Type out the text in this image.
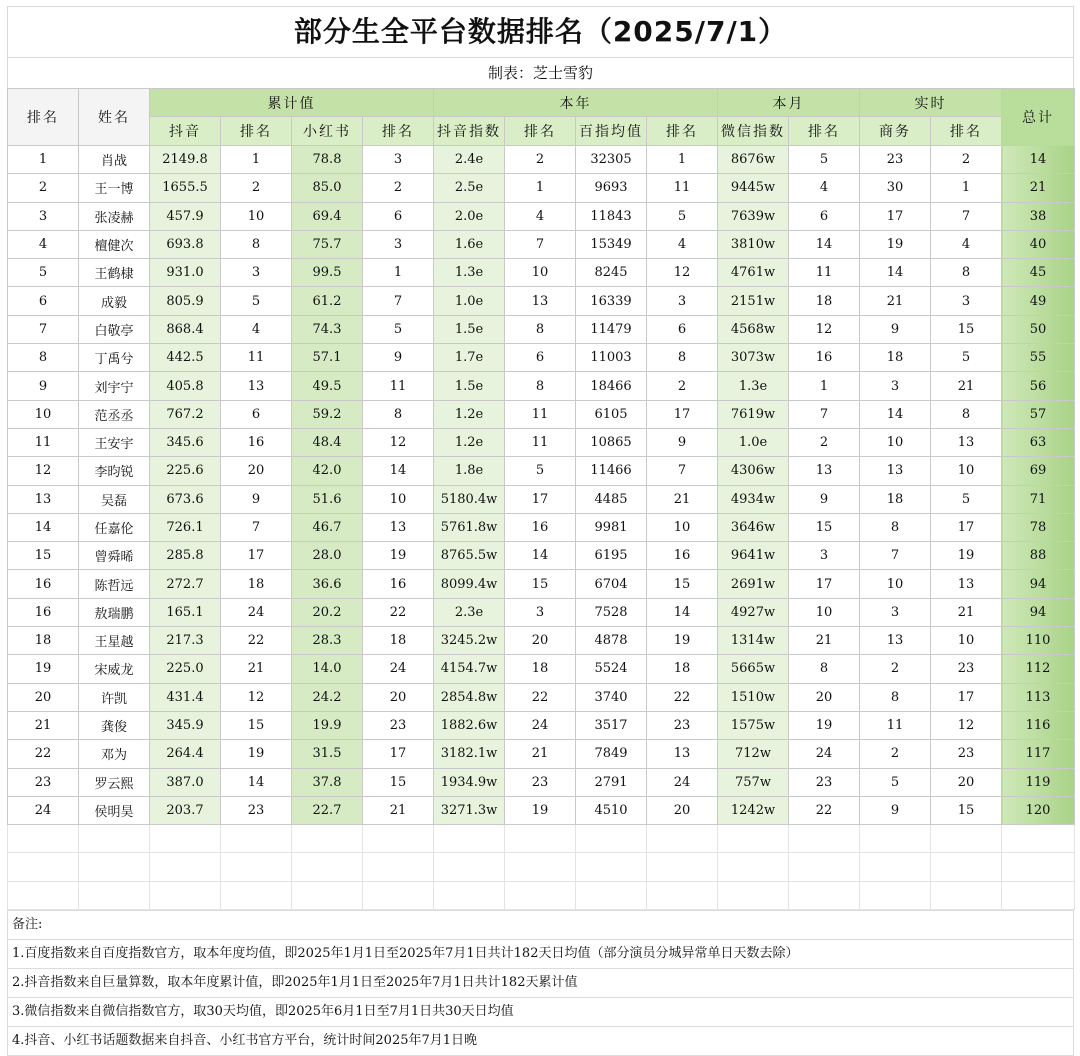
部分生全平台数据排名（2025/7/1）
制表：芝士雪豹
排名	姓名	累计值				本年				本月		实时		总计
		抖音	排名	小红书	排名	抖音指数	排名	百指均值	排名	微信指数	排名	商务	排名	
1	肖战	2149.8	1	78.8	3	2.4e	2	32305	1	8676w	5	23	2	14
2	王一博	1655.5	2	85.0	2	2.5e	1	9693	11	9445w	4	30	1	21
3	张凌赫	457.9	10	69.4	6	2.0e	4	11843	5	7639w	6	17	7	38
4	檀健次	693.8	8	75.7	3	1.6e	7	15349	4	3810w	14	19	4	40
5	王鹤棣	931.0	3	99.5	1	1.3e	10	8245	12	4761w	11	14	8	45
6	成毅	805.9	5	61.2	7	1.0e	13	16339	3	2151w	18	21	3	49
7	白敬亭	868.4	4	74.3	5	1.5e	8	11479	6	4568w	12	9	15	50
8	丁禹兮	442.5	11	57.1	9	1.7e	6	11003	8	3073w	16	18	5	55
9	刘宇宁	405.8	13	49.5	11	1.5e	8	18466	2	1.3e	1	3	21	56
10	范丞丞	767.2	6	59.2	8	1.2e	11	6105	17	7619w	7	14	8	57
11	王安宇	345.6	16	48.4	12	1.2e	11	10865	9	1.0e	2	10	13	63
12	李昀锐	225.6	20	42.0	14	1.8e	5	11466	7	4306w	13	13	10	69
13	吴磊	673.6	9	51.6	10	5180.4w	17	4485	21	4934w	9	18	5	71
14	任嘉伦	726.1	7	46.7	13	5761.8w	16	9981	10	3646w	15	8	17	78
15	曾舜晞	285.8	17	28.0	19	8765.5w	14	6195	16	9641w	3	7	19	88
16	陈哲远	272.7	18	36.6	16	8099.4w	15	6704	15	2691w	17	10	13	94
16	敖瑞鹏	165.1	24	20.2	22	2.3e	3	7528	14	4927w	10	3	21	94
18	王星越	217.3	22	28.3	18	3245.2w	20	4878	19	1314w	21	13	10	110
19	宋威龙	225.0	21	14.0	24	4154.7w	18	5524	18	5665w	8	2	23	112
20	许凯	431.4	12	24.2	20	2854.8w	22	3740	22	1510w	20	8	17	113
21	龚俊	345.9	15	19.9	23	1882.6w	24	3517	23	1575w	19	11	12	116
22	邓为	264.4	19	31.5	17	3182.1w	21	7849	13	712w	24	2	23	117
23	罗云熙	387.0	14	37.8	15	1934.9w	23	2791	24	757w	23	5	20	119
24	侯明昊	203.7	23	22.7	21	3271.3w	19	4510	20	1242w	22	9	15	120

备注:
1.百度指数来自百度指数官方，取本年度均值，即2025年1月1日至2025年7月1日共计182天日均值（部分演员分城异常单日天数去除）
2.抖音指数来自巨量算数，取本年度累计值，即2025年1月1日至2025年7月1日共计182天累计值
3.微信指数来自微信指数官方，取30天均值，即2025年6月1日至7月1日共30天日均值
4.抖音、小红书话题数据来自抖音、小红书官方平台，统计时间2025年7月1日晚
